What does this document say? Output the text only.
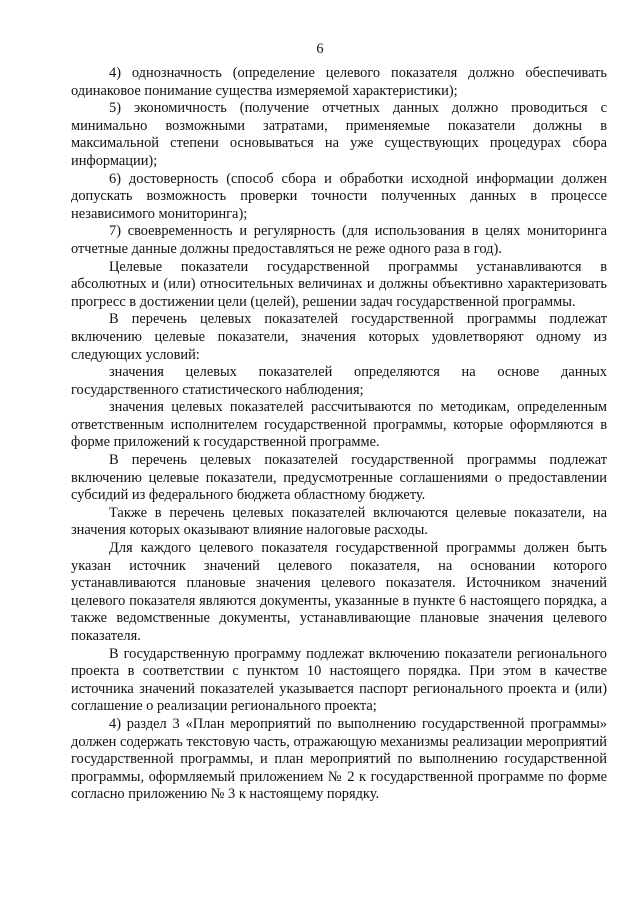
6

4) однозначность (определение целевого показателя должно обеспечивать одинаковое понимание существа измеряемой характеристики);

5) экономичность (получение отчетных данных должно проводиться с минимально возможными затратами, применяемые показатели должны в максимальной степени основываться на уже существующих процедурах сбора информации);

6) достоверность (способ сбора и обработки исходной информации должен допускать возможность проверки точности полученных данных в процессе независимого мониторинга);

7) своевременность и регулярность (для использования в целях мониторинга отчетные данные должны предоставляться не реже одного раза в год).

Целевые показатели государственной программы устанавливаются в абсолютных и (или) относительных величинах и должны объективно характеризовать прогресс в достижении цели (целей), решении задач государственной программы.

В перечень целевых показателей государственной программы подлежат включению целевые показатели, значения которых удовлетворяют одному из следующих условий:

значения целевых показателей определяются на основе данных государственного статистического наблюдения;

значения целевых показателей рассчитываются по методикам, определенным ответственным исполнителем государственной программы, которые оформляются в форме приложений к государственной программе.

В перечень целевых показателей государственной программы подлежат включению целевые показатели, предусмотренные соглашениями о предоставлении субсидий из федерального бюджета областному бюджету.

Также в перечень целевых показателей включаются целевые показатели, на значения которых оказывают влияние налоговые расходы.

Для каждого целевого показателя государственной программы должен быть указан источник значений целевого показателя, на основании которого устанавливаются плановые значения целевого показателя. Источником значений целевого показателя являются документы, указанные в пункте 6 настоящего порядка, а также ведомственные документы, устанавливающие плановые значения целевого показателя.

В государственную программу подлежат включению показатели регионального проекта в соответствии с пунктом 10 настоящего порядка. При этом в качестве источника значений показателей указывается паспорт регионального проекта и (или) соглашение о реализации регионального проекта;

4) раздел 3 «План мероприятий по выполнению государственной программы» должен содержать текстовую часть, отражающую механизмы реализации мероприятий государственной программы, и план мероприятий по выполнению государственной программы, оформляемый приложением № 2 к государственной программе по форме согласно приложению № 3 к настоящему порядку.
